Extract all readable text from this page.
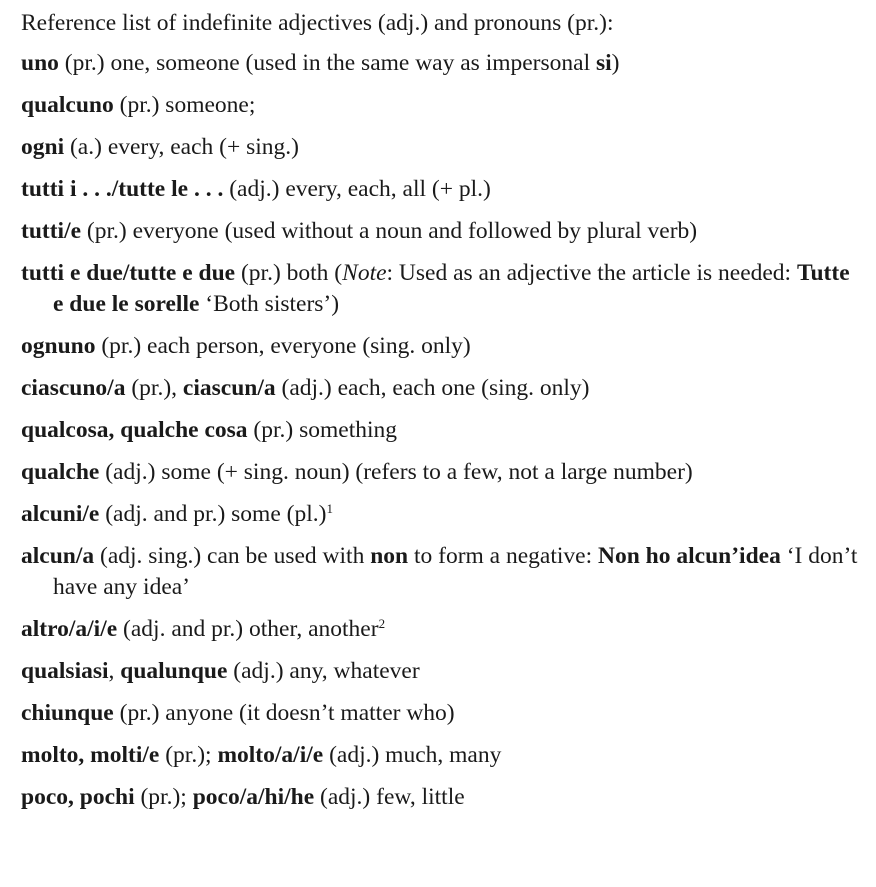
Reference list of indefinite adjectives (adj.) and pronouns (pr.):

uno (pr.) one, someone (used in the same way as impersonal si)

qualcuno (pr.) someone;

ogni (a.) every, each (+ sing.)

tutti i . . ./tutte le . . . (adj.) every, each, all (+ pl.)

tutti/e (pr.) everyone (used without a noun and followed by plural verb)

tutti e due/tutte e due (pr.) both (Note: Used as an adjective the article is needed: Tutte e due le sorelle ‘Both sisters’)

ognuno (pr.) each person, everyone (sing. only)

ciascuno/a (pr.), ciascun/a (adj.) each, each one (sing. only)

qualcosa, qualche cosa (pr.) something

qualche (adj.) some (+ sing. noun) (refers to a few, not a large number)

alcuni/e (adj. and pr.) some $(pl.)^1$

alcun/a (adj. sing.) can be used with non to form a negative: Non ho alcun’idea ‘I don’t have any idea’

altro/a/i/e (adj. and pr.) other, another$^2$

qualsiasi, qualunque (adj.) any, whatever

chiunque (pr.) anyone (it doesn’t matter who)

molto, molti/e (pr.); molto/a/i/e (adj.) much, many

poco, pochi (pr.); poco/a/hi/he (adj.) few, little
